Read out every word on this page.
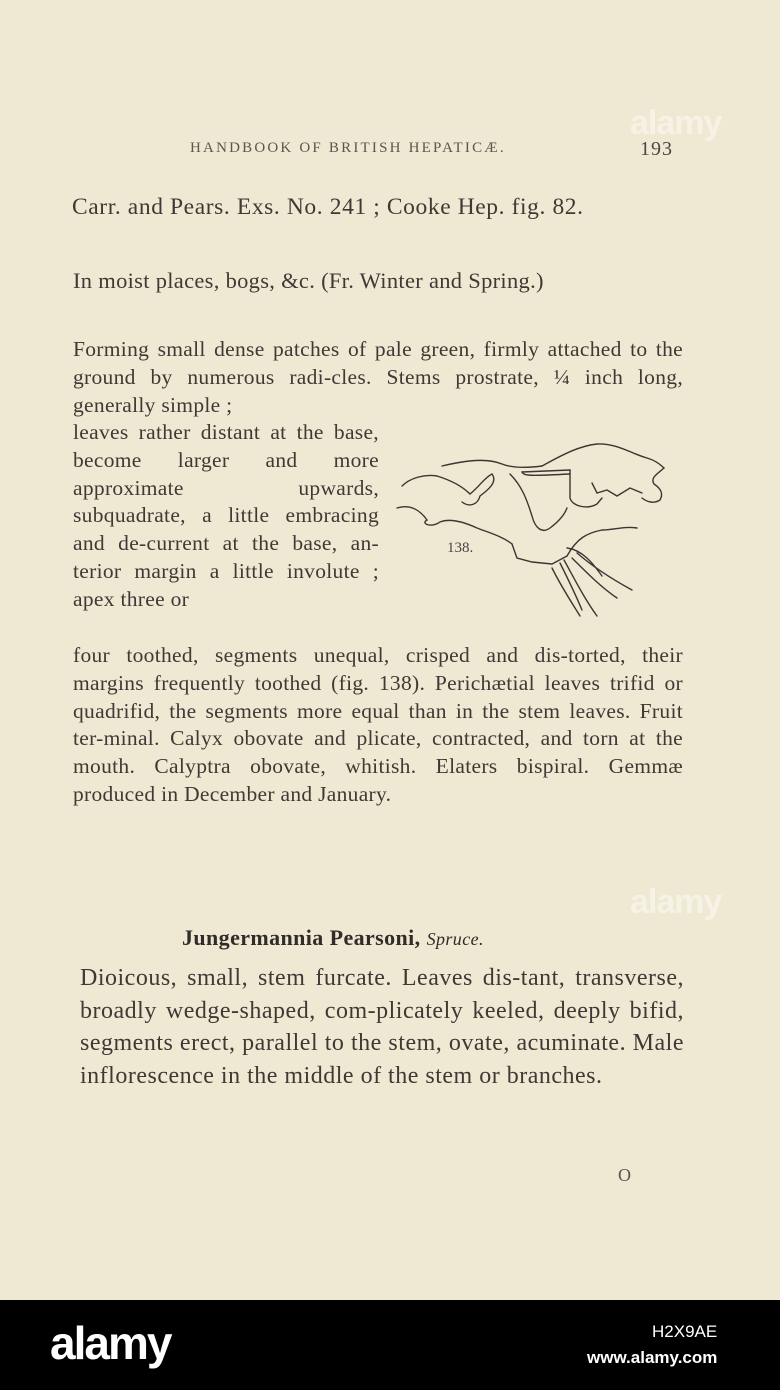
HANDBOOK OF BRITISH HEPATICÆ.	193
alamy
Carr. and Pears. Exs. No. 241 ; Cooke Hep. fig. 82.
In moist places, bogs, &c. (Fr. Winter and Spring.)
Forming small dense patches of pale green, firmly attached to the ground by numerous radi-cles. Stems prostrate, ¼ inch long, generally simple ;
leaves rather distant at the base, become larger and more approximate upwards, subquadrate, a little embracing and de-current at the base, an-terior margin a little involute ; apex three or
138.
four toothed, segments unequal, crisped and dis-torted, their margins frequently toothed (fig. 138). Perichætial leaves trifid or quadrifid, the segments more equal than in the stem leaves. Fruit ter-minal. Calyx obovate and plicate, contracted, and torn at the mouth. Calyptra obovate, whitish. Elaters bispiral. Gemmæ produced in December and January.
alamy
Jungermannia Pearsoni, Spruce.
Dioicous, small, stem furcate. Leaves dis-tant, transverse, broadly wedge-shaped, com-plicately keeled, deeply bifid, segments erect, parallel to the stem, ovate, acuminate. Male inflorescence in the middle of the stem or branches.
O
alamy	H2X9AE
www.alamy.com
